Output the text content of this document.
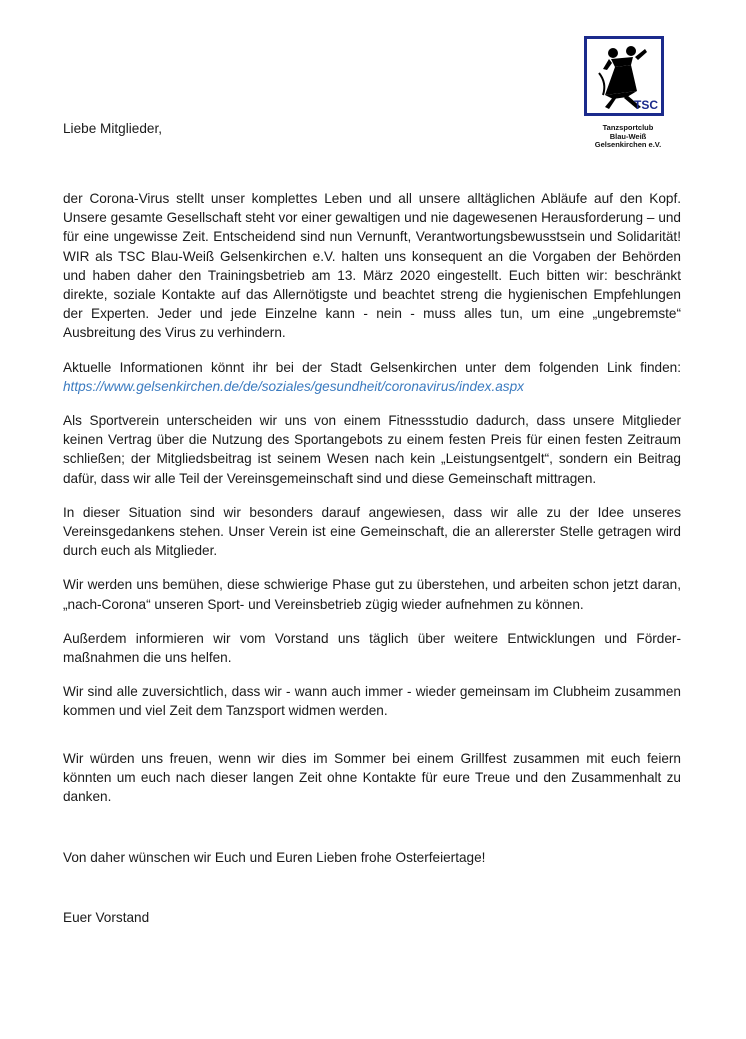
TSC
Tanzsportclub
Blau-Weiß
Gelsenkirchen e.V.

Liebe Mitglieder,

der Corona-Virus stellt unser komplettes Leben und all unsere alltäglichen Abläufe auf den Kopf. Unsere gesamte Gesellschaft steht vor einer gewaltigen und nie dagewesenen Herausforderung – und für eine ungewisse Zeit. Entscheidend sind nun Vernunft, Verantwortungsbewusstsein und Solidarität! WIR als TSC Blau-Weiß Gelsenkirchen e.V. halten uns konsequent an die Vorgaben der Behörden und haben daher den Trainingsbetrieb am 13. März 2020 eingestellt. Euch bitten wir: beschränkt direkte, soziale Kontakte auf das Allernötigste und beachtet streng die hygienischen Empfehlungen der Experten. Jeder und jede Einzelne kann - nein - muss alles tun, um eine „ungebremste“ Ausbreitung des Virus zu verhindern.

Aktuelle Informationen könnt ihr bei der Stadt Gelsenkirchen unter dem folgenden Link finden: https://www.gelsenkirchen.de/de/soziales/gesundheit/coronavirus/index.aspx

Als Sportverein unterscheiden wir uns von einem Fitnessstudio dadurch, dass unsere Mitglieder keinen Vertrag über die Nutzung des Sportangebots zu einem festen Preis für einen festen Zeitraum schließen; der Mitgliedsbeitrag ist seinem Wesen nach kein „Leistungsentgelt“, sondern ein Beitrag dafür, dass wir alle Teil der Vereinsgemeinschaft sind und diese Gemeinschaft mittragen.

In dieser Situation sind wir besonders darauf angewiesen, dass wir alle zu der Idee unseres Vereinsgedankens stehen. Unser Verein ist eine Gemeinschaft, die an allererster Stelle getragen wird durch euch als Mitglieder.

Wir werden uns bemühen, diese schwierige Phase gut zu überstehen, und arbeiten schon jetzt daran, „nach-Corona“ unseren Sport- und Vereinsbetrieb zügig wieder aufnehmen zu können.

Außerdem informieren wir vom Vorstand uns täglich über weitere Entwicklungen und Förder-maßnahmen die uns helfen.

Wir sind alle zuversichtlich, dass wir - wann auch immer - wieder gemeinsam im Clubheim zusammen kommen und viel Zeit dem Tanzsport widmen werden.

Wir würden uns freuen, wenn wir dies im Sommer bei einem Grillfest zusammen mit euch feiern könnten um euch nach dieser langen Zeit ohne Kontakte für eure Treue und den Zusammenhalt zu danken.

Von daher wünschen wir Euch und Euren Lieben frohe Osterfeiertage!

Euer Vorstand
